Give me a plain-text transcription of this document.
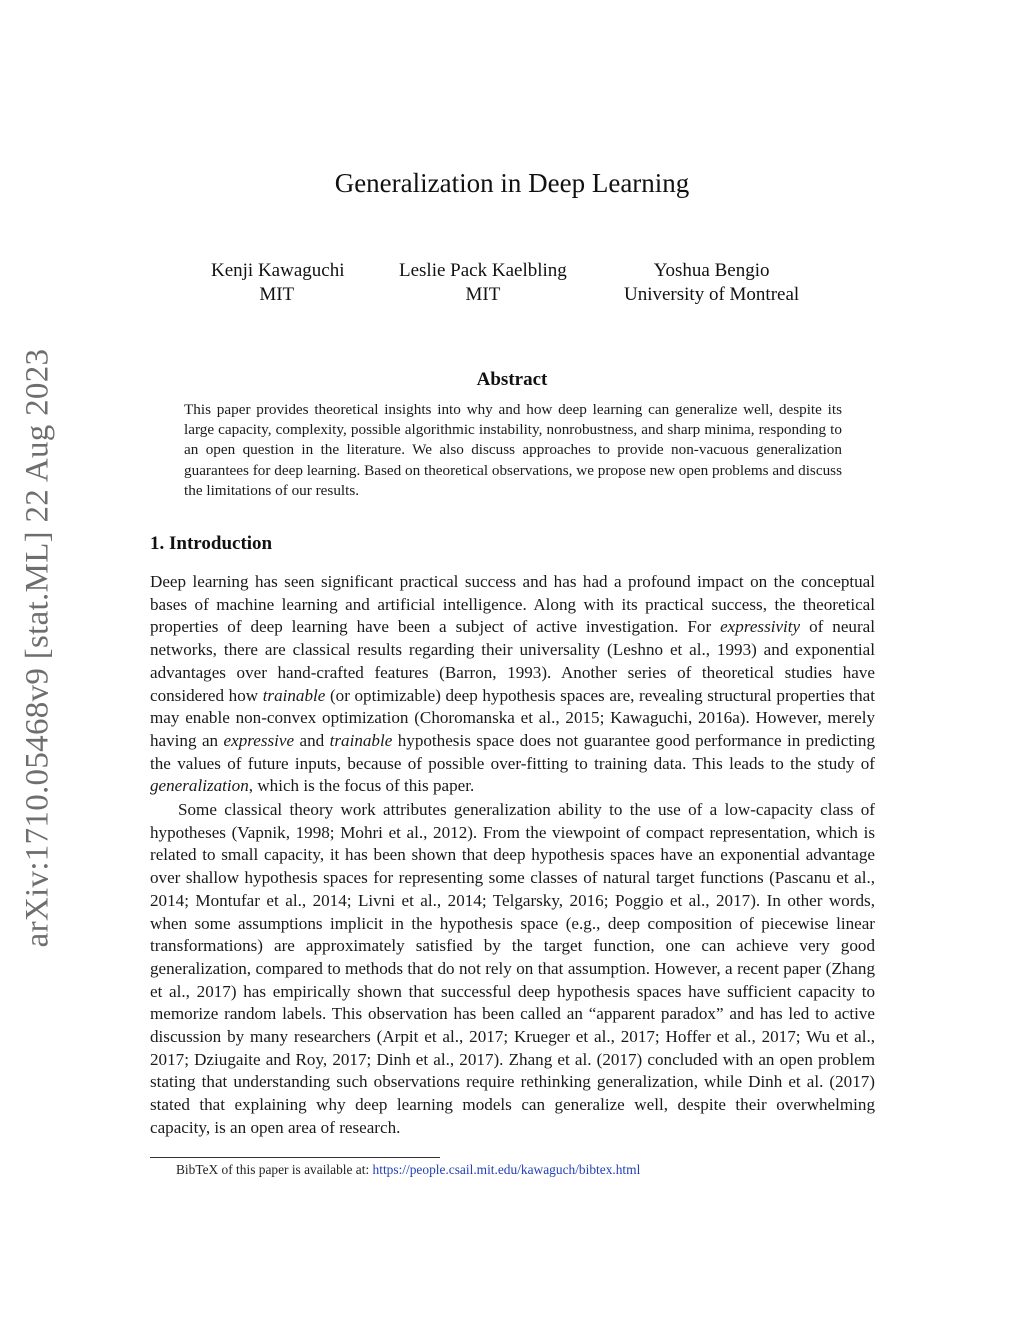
arXiv:1710.05468v9 [stat.ML] 22 Aug 2023
Generalization in Deep Learning
Kenji Kawaguchi
MIT
Leslie Pack Kaelbling
MIT
Yoshua Bengio
University of Montreal
Abstract
This paper provides theoretical insights into why and how deep learning can generalize well, despite its large capacity, complexity, possible algorithmic instability, nonrobustness, and sharp minima, responding to an open question in the literature. We also discuss approaches to provide non-vacuous generalization guarantees for deep learning. Based on theoretical observations, we propose new open problems and discuss the limitations of our results.
1. Introduction

Deep learning has seen significant practical success and has had a profound impact on the conceptual bases of machine learning and artificial intelligence. Along with its practical success, the theoretical properties of deep learning have been a subject of active investigation. For expressivity of neural networks, there are classical results regarding their universality (Leshno et al., 1993) and exponential advantages over hand-crafted features (Barron, 1993). Another series of theoretical studies have considered how trainable (or optimizable) deep hypothesis spaces are, revealing structural properties that may enable non-convex optimization (Choromanska et al., 2015; Kawaguchi, 2016a). However, merely having an expressive and trainable hypothesis space does not guarantee good performance in predicting the values of future inputs, because of possible over-fitting to training data. This leads to the study of generalization, which is the focus of this paper.

Some classical theory work attributes generalization ability to the use of a low-capacity class of hypotheses (Vapnik, 1998; Mohri et al., 2012). From the viewpoint of compact representation, which is related to small capacity, it has been shown that deep hypothesis spaces have an exponential advantage over shallow hypothesis spaces for representing some classes of natural target functions (Pascanu et al., 2014; Montufar et al., 2014; Livni et al., 2014; Telgarsky, 2016; Poggio et al., 2017). In other words, when some assumptions implicit in the hypothesis space (e.g., deep composition of piecewise linear transformations) are approximately satisfied by the target function, one can achieve very good generalization, compared to methods that do not rely on that assumption. However, a recent paper (Zhang et al., 2017) has empirically shown that successful deep hypothesis spaces have sufficient capacity to memorize random labels. This observation has been called an “apparent paradox” and has led to active discussion by many researchers (Arpit et al., 2017; Krueger et al., 2017; Hoffer et al., 2017; Wu et al., 2017; Dziugaite and Roy, 2017; Dinh et al., 2017). Zhang et al. (2017) concluded with an open problem stating that understanding such observations require rethinking generalization, while Dinh et al. (2017) stated that explaining why deep learning models can generalize well, despite their overwhelming capacity, is an open area of research.

BibTeX of this paper is available at: https://people.csail.mit.edu/kawaguch/bibtex.html
